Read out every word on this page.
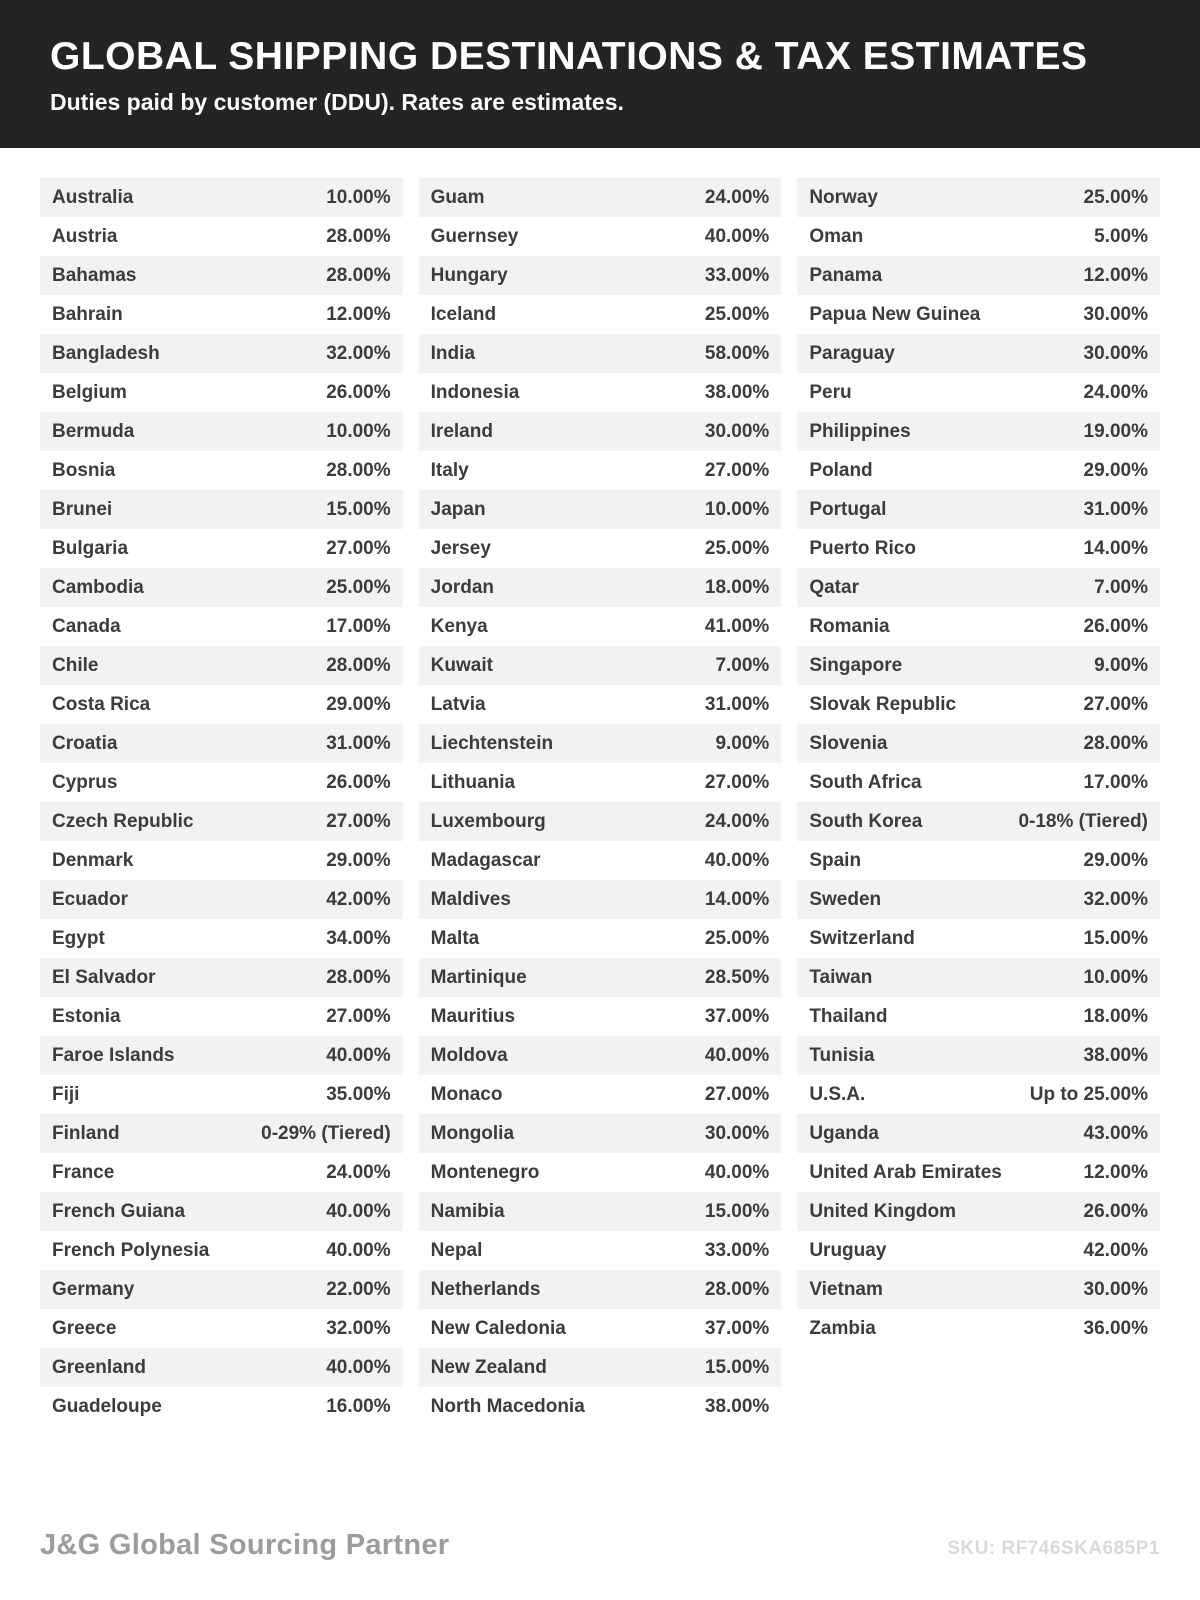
GLOBAL SHIPPING DESTINATIONS & TAX ESTIMATES

Duties paid by customer (DDU). Rates are estimates.

Australia	10.00%
Austria	28.00%
Bahamas	28.00%
Bahrain	12.00%
Bangladesh	32.00%
Belgium	26.00%
Bermuda	10.00%
Bosnia	28.00%
Brunei	15.00%
Bulgaria	27.00%
Cambodia	25.00%
Canada	17.00%
Chile	28.00%
Costa Rica	29.00%
Croatia	31.00%
Cyprus	26.00%
Czech Republic	27.00%
Denmark	29.00%
Ecuador	42.00%
Egypt	34.00%
El Salvador	28.00%
Estonia	27.00%
Faroe Islands	40.00%
Fiji	35.00%
Finland	0-29% (Tiered)
France	24.00%
French Guiana	40.00%
French Polynesia	40.00%
Germany	22.00%
Greece	32.00%
Greenland	40.00%
Guadeloupe	16.00%
Guam	24.00%
Guernsey	40.00%
Hungary	33.00%
Iceland	25.00%
India	58.00%
Indonesia	38.00%
Ireland	30.00%
Italy	27.00%
Japan	10.00%
Jersey	25.00%
Jordan	18.00%
Kenya	41.00%
Kuwait	7.00%
Latvia	31.00%
Liechtenstein	9.00%
Lithuania	27.00%
Luxembourg	24.00%
Madagascar	40.00%
Maldives	14.00%
Malta	25.00%
Martinique	28.50%
Mauritius	37.00%
Moldova	40.00%
Monaco	27.00%
Mongolia	30.00%
Montenegro	40.00%
Namibia	15.00%
Nepal	33.00%
Netherlands	28.00%
New Caledonia	37.00%
New Zealand	15.00%
North Macedonia	38.00%
Norway	25.00%
Oman	5.00%
Panama	12.00%
Papua New Guinea	30.00%
Paraguay	30.00%
Peru	24.00%
Philippines	19.00%
Poland	29.00%
Portugal	31.00%
Puerto Rico	14.00%
Qatar	7.00%
Romania	26.00%
Singapore	9.00%
Slovak Republic	27.00%
Slovenia	28.00%
South Africa	17.00%
South Korea	0-18% (Tiered)
Spain	29.00%
Sweden	32.00%
Switzerland	15.00%
Taiwan	10.00%
Thailand	18.00%
Tunisia	38.00%
U.S.A.	Up to 25.00%
Uganda	43.00%
United Arab Emirates	12.00%
United Kingdom	26.00%
Uruguay	42.00%
Vietnam	30.00%
Zambia	36.00%
J&G Global Sourcing Partner	SKU: RF746SKA685P1
